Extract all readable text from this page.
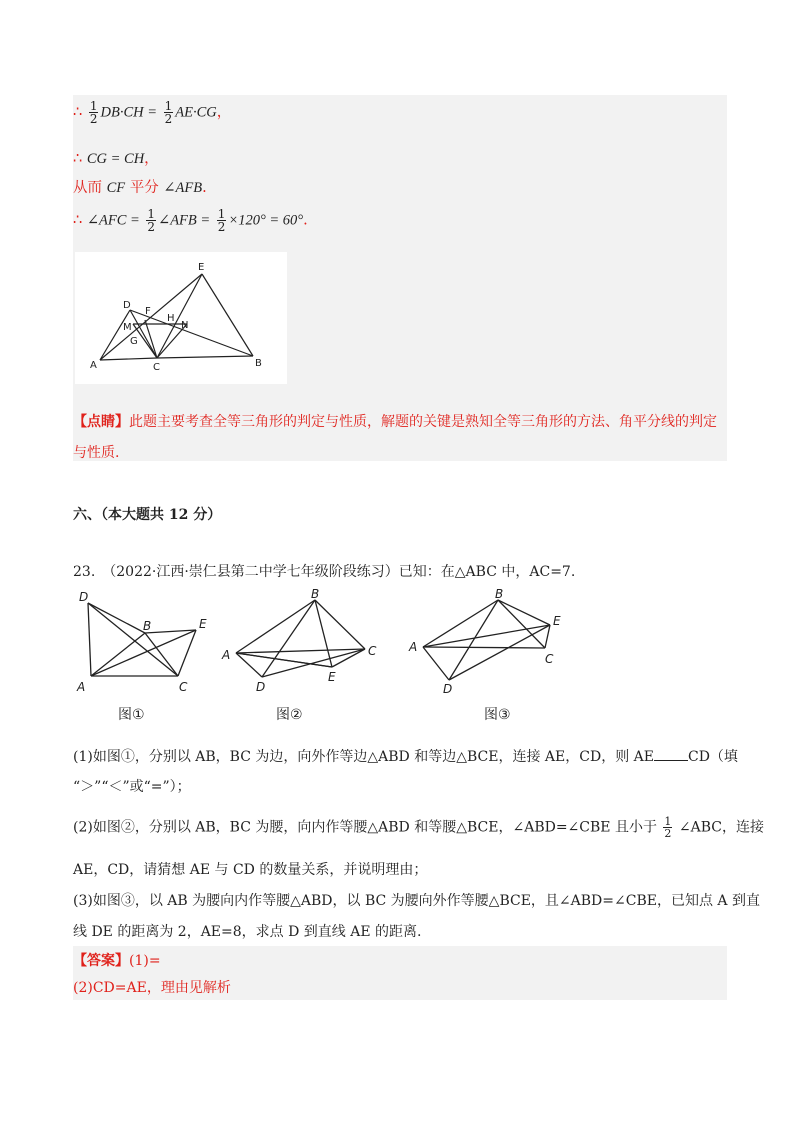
∴ $\frac{1}{2} DB\cdot CH = \frac{1}{2} AE\cdot CG$，
∴ CG = CH，
从而 CF 平分 ∠AFB.
∴ ∠AFC = $\frac{1}{2}$ ∠AFB = $\frac{1}{2} \times 120^\circ = 60^\circ$.
E
D
F
M
H
N
G
A	C	B
【点睛】此题主要考查全等三角形的判定与性质，解题的关键是熟知全等三角形的方法、角平分线的判定
与性质.
六、（本大题共 12 分）
23.　（2022·江西·崇仁县第二中学七年级阶段练习）已知：在△ABC 中，AC=7.
D
B	E
A	C
图①
B
A	C
E
D
图②
B
E
A
C
D
图③
(1)如图①，分别以 AB，BC 为边，向外作等边△ABD 和等边△BCE，连接 AE，CD，则 AE CD（填
“＞”“＜”或“=”）；
(2)如图②，分别以 AB，BC 为腰，向内作等腰△ABD 和等腰△BCE，∠ABD=∠CBE 且小于 $\frac{1}{2}$ ∠ABC，连接
AE，CD，请猜想 AE 与 CD 的数量关系，并说明理由；
(3)如图③，以 AB 为腰向内作等腰△ABD，以 BC 为腰向外作等腰△BCE，且∠ABD=∠CBE，已知点 A 到直
线 DE 的距离为 2，AE=8，求点 D 到直线 AE 的距离.
【答案】(1)=
(2)CD=AE，理由见解析
